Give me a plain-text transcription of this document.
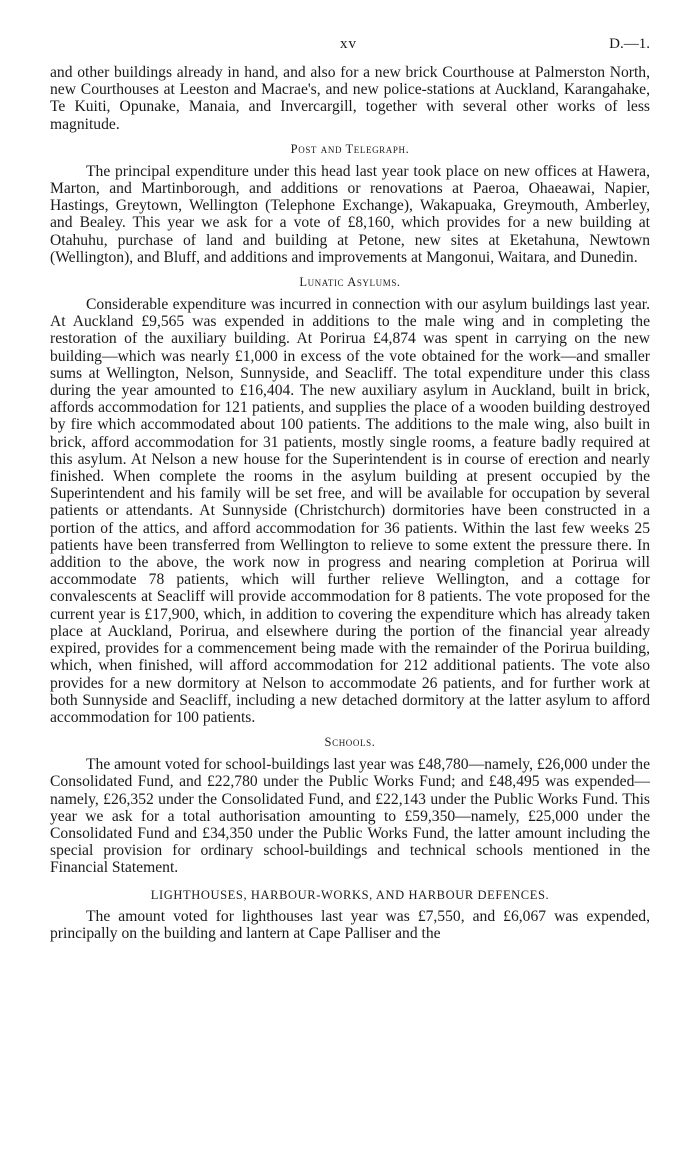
xv	D.—1.

and other buildings already in hand, and also for a new brick Courthouse at Palmerston North, new Courthouses at Leeston and Macrae's, and new police-stations at Auckland, Karangahake, Te Kuiti, Opunake, Manaia, and Invercargill, together with several other works of less magnitude.

Post and Telegraph.

The principal expenditure under this head last year took place on new offices at Hawera, Marton, and Martinborough, and additions or renovations at Paeroa, Ohaeawai, Napier, Hastings, Greytown, Wellington (Telephone Exchange), Wakapuaka, Greymouth, Amberley, and Bealey. This year we ask for a vote of £8,160, which provides for a new building at Otahuhu, purchase of land and building at Petone, new sites at Eketahuna, Newtown (Wellington), and Bluff, and additions and improvements at Mangonui, Waitara, and Dunedin.

Lunatic Asylums.

Considerable expenditure was incurred in connection with our asylum buildings last year. At Auckland £9,565 was expended in additions to the male wing and in completing the restoration of the auxiliary building. At Porirua £4,874 was spent in carrying on the new building—which was nearly £1,000 in excess of the vote obtained for the work—and smaller sums at Wellington, Nelson, Sunnyside, and Seacliff. The total expenditure under this class during the year amounted to £16,404. The new auxiliary asylum in Auckland, built in brick, affords accommodation for 121 patients, and supplies the place of a wooden building destroyed by fire which accommodated about 100 patients. The additions to the male wing, also built in brick, afford accommodation for 31 patients, mostly single rooms, a feature badly required at this asylum. At Nelson a new house for the Superintendent is in course of erection and nearly finished. When complete the rooms in the asylum building at present occupied by the Superintendent and his family will be set free, and will be available for occupation by several patients or attendants. At Sunnyside (Christchurch) dormitories have been constructed in a portion of the attics, and afford accommodation for 36 patients. Within the last few weeks 25 patients have been transferred from Wellington to relieve to some extent the pressure there. In addition to the above, the work now in progress and nearing completion at Porirua will accommodate 78 patients, which will further relieve Wellington, and a cottage for convalescents at Seacliff will provide accommodation for 8 patients. The vote proposed for the current year is £17,900, which, in addition to covering the expenditure which has already taken place at Auckland, Porirua, and elsewhere during the portion of the financial year already expired, provides for a commencement being made with the remainder of the Porirua building, which, when finished, will afford accommodation for 212 additional patients. The vote also provides for a new dormitory at Nelson to accommodate 26 patients, and for further work at both Sunnyside and Seacliff, including a new detached dormitory at the latter asylum to afford accommodation for 100 patients.

Schools.

The amount voted for school-buildings last year was £48,780—namely, £26,000 under the Consolidated Fund, and £22,780 under the Public Works Fund; and £48,495 was expended—namely, £26,352 under the Consolidated Fund, and £22,143 under the Public Works Fund. This year we ask for a total authorisation amounting to £59,350—namely, £25,000 under the Consolidated Fund and £34,350 under the Public Works Fund, the latter amount including the special provision for ordinary school-buildings and technical schools mentioned in the Financial Statement.

LIGHTHOUSES, HARBOUR-WORKS, AND HARBOUR DEFENCES.

The amount voted for lighthouses last year was £7,550, and £6,067 was expended, principally on the building and lantern at Cape Palliser and the
